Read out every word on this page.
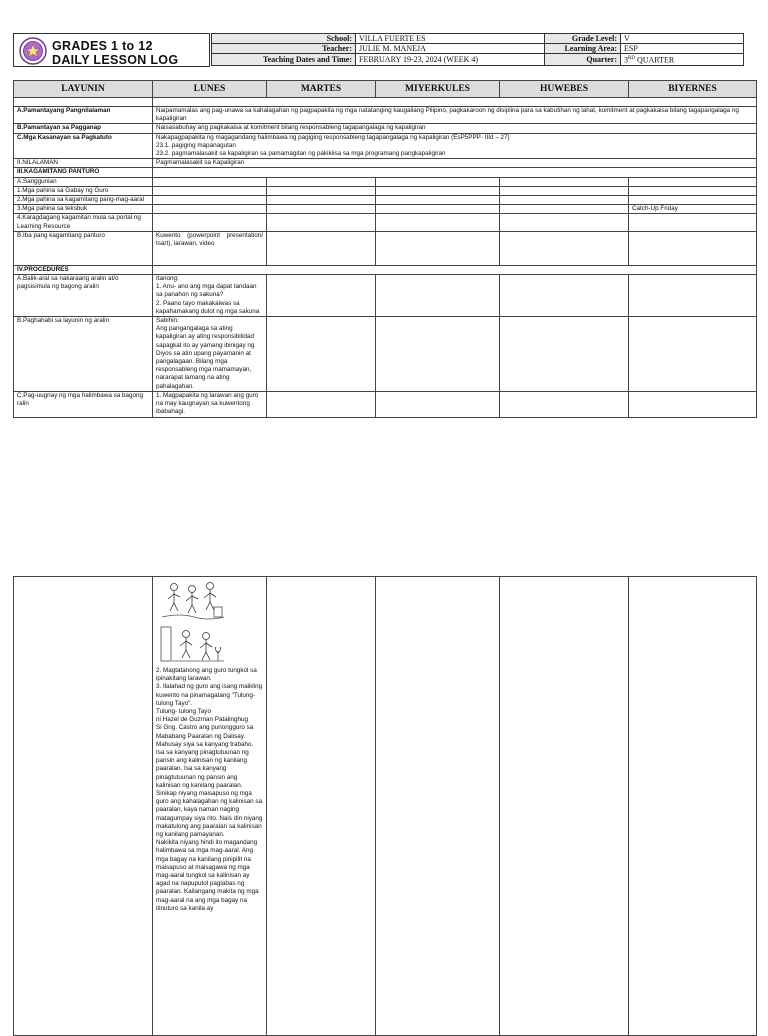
GRADES 1 to 12
DAILY LESSON LOG
School:	VILLA FUERTE ES	Grade Level:	V
Teacher:	JULIE M. MANEJA	Learning Area:	ESP
Teaching Dates and Time:	FEBRUARY 19-23, 2024 (WEEK 4)	Quarter:	3RD QUARTER
LAYUNIN	LUNES	MARTES	MIYERKULES	HUWEBES	BIYERNES

A.Pamantayang Pangnilalaman	Naipamamalas ang pag-unawa sa kahalagahan ng pagpapakita ng mga natatanging kaugaliang Pilipino, pagkakaroon ng disiplina para sa kabutihan ng lahat, komitment at pagkakaisa bilang tagapangalaga ng kapaligiran				
B.Pamantayan sa Pagganap	Naisasabuhay ang pagkakaisa at komitment bilang responsableng tagapangalaga ng kapaligiran				
C.Mga Kasanayan sa Pagkatuto	Nakapagpapakita ng magagandang halimbawa ng pagiging responsableng tagapangalaga ng kapaligiran (EsP5PPP- IIId – 27)
23.1. pagiging mapanagutan
23.2. pagmamalasakit sa kapaligiran sa pamamagitan ng pakikiisa sa mga programang pangkapaligiran				

II.NILALAMAN	Pagmamalasakit sa Kapaligiran				
III.KAGAMITANG PANTURO					
A.Sanggunian					
1.Mga pahina sa Gabay ng Guro					
2.Mga pahina sa kagamitang pang-mag-aaral					
3.Mga pahina sa teksbuk					Catch-Up Friday
4.Karagdagang kagamitan mula sa portal ng Learning Resource					
B.Iba pang kagamitang panturo	Kuwento (powerpoint presentation/ tsart), larawan, video				
IV.PROCEDURES					
A.Balik-aral sa nakaraang aralin at/o pagsisimula ng bagong aralin	Itanong:
1. Anu- ano ang mga dapat tandaan sa panahon ng sakuna?
2. Paano tayo makakaiwas sa kapahamakang dulot ng mga sakuna				
B.Paghahabi sa layunin ng aralin	Sabihin:
Ang pangangalaga sa ating kapaligiran ay ating responsibilidad sapagkat ito ay yamang ibinigay ng Diyos sa atin upang payamanin at pangalagaan. Bilang mga responsableng mga mamamayan, nararapat lamang na ating pahalagahan.				
C.Pag-uugnay ng mga halimbawa sa bagong ralin	1. Magpapakita ng larawan ang guro na may kaugnayan sa kuwentong ibabahagi.				

2. Magtatanong ang guro tungkol sa ipinakitang larawan.
3. Ilalahad ng guro ang isang maikling kuwento na pinamagatang "Tulung- tulong Tayo".
Tulung- tulong Tayo
ni Hazel de Guzman Patalinghug
Si Gng. Castro ang punongguro sa Mababang Paaralan ng Dalisay. Mahusay siya sa kanyang trabaho. Isa sa kanyang pinagtutuunan ng pansin ang kalinisan ng kanilang paaralan. Isa sa kanyang pinagtutuunan ng pansin ang kalinisan ng kanilang paaralan. Sinikap niyang maisapuso ng mga guro ang kahalagahan ng kalinisan sa paaralan, kaya naman naging matagumpay siya rito. Nais din niyang makatulong ang paaralan sa kalinisan ng kanilang pamayanan.
Nakikita niyang hindi ito magandang halimbawa sa mga mag-aaral. Ang mga bagay na kanilang pinipilit na maisapuso at maisagawa ng mga mag-aaral tungkol sa kalinisan ay agad na napuputol paglabas ng paaralan. Kailangang makita ng mga mag-aaral na ang mga bagay na itinuturo sa kanila ay
